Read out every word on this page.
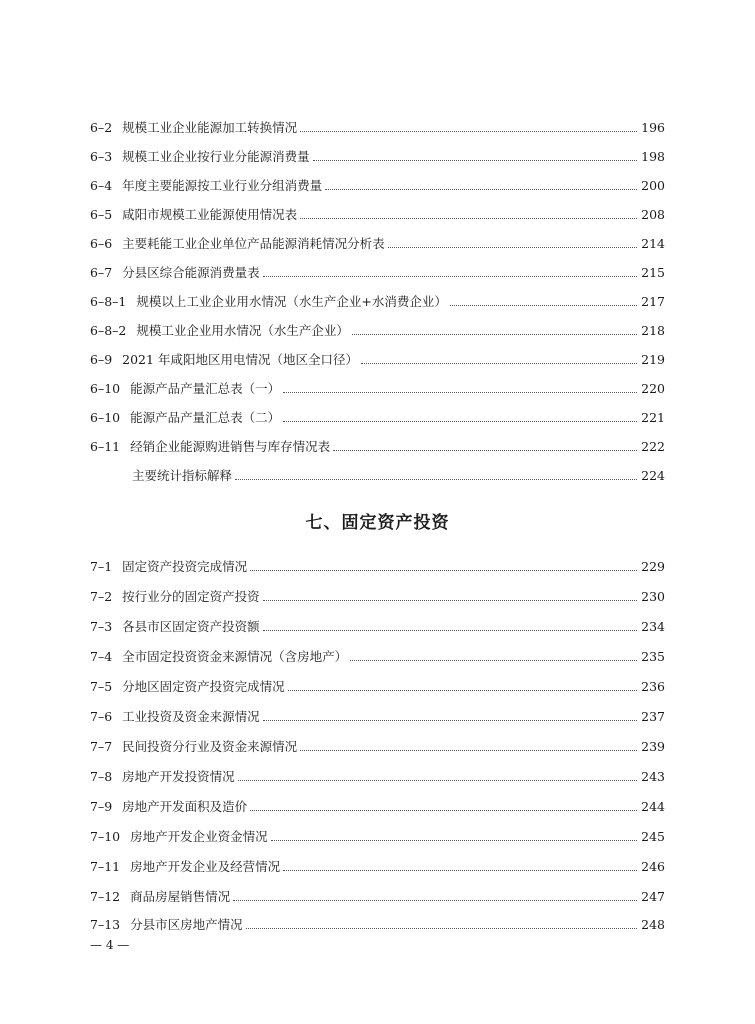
6–2 规模工业企业能源加工转换情况	196
6–3 规模工业企业按行业分能源消费量	198
6–4 年度主要能源按工业行业分组消费量	200
6–5 咸阳市规模工业能源使用情况表	208
6–6 主要耗能工业企业单位产品能源消耗情况分析表	214
6–7 分县区综合能源消费量表	215
6–8–1 规模以上工业企业用水情况（水生产企业+水消费企业）	217
6–8–2 规模工业企业用水情况（水生产企业）	218
6–9 2021 年咸阳地区用电情况（地区全口径）	219
6–10 能源产品产量汇总表（一）	220
6–10 能源产品产量汇总表（二）	221
6–11 经销企业能源购进销售与库存情况表	222
主要统计指标解释	224
七、固定资产投资
7–1 固定资产投资完成情况	229
7–2 按行业分的固定资产投资	230
7–3 各县市区固定资产投资额	234
7–4 全市固定投资资金来源情况（含房地产）	235
7–5 分地区固定资产投资完成情况	236
7–6 工业投资及资金来源情况	237
7–7 民间投资分行业及资金来源情况	239
7–8 房地产开发投资情况	243
7–9 房地产开发面积及造价	244
7–10 房地产开发企业资金情况	245
7–11 房地产开发企业及经营情况	246
7–12 商品房屋销售情况	247
7–13 分县市区房地产情况	248
— 4 —
